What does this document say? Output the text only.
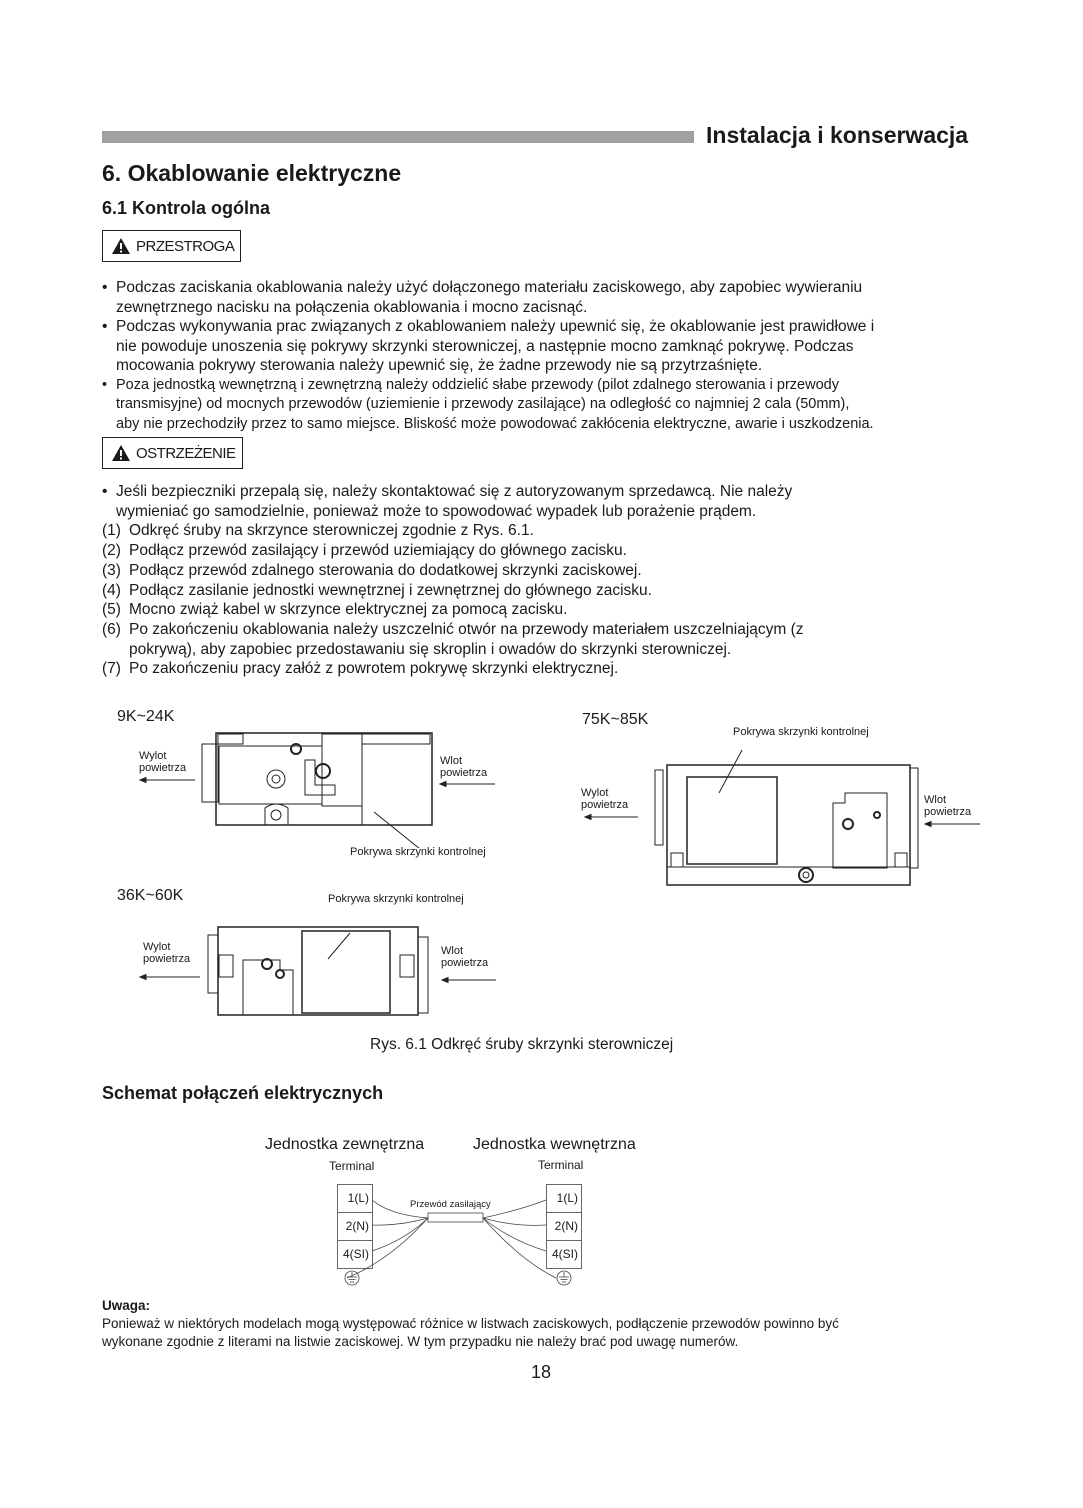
Instalacja i konserwacja
6. Okablowanie elektryczne
6.1 Kontrola ogólna
PRZESTROGA
• Podczas zaciskania okablowania należy użyć dołączonego materiału zaciskowego, aby zapobiec wywieraniu
zewnętrznego nacisku na połączenia okablowania i mocno zacisnąć.
• Podczas wykonywania prac związanych z okablowaniem należy upewnić się, że okablowanie jest prawidłowe i
nie powoduje unoszenia się pokrywy skrzynki sterowniczej, a następnie mocno zamknąć pokrywę. Podczas
mocowania pokrywy sterowania należy upewnić się, że żadne przewody nie są przytrzaśnięte.
• Poza jednostką wewnętrzną i zewnętrzną należy oddzielić słabe przewody (pilot zdalnego sterowania i przewody
transmisyjne) od mocnych przewodów (uziemienie i przewody zasilające) na odległość co najmniej 2 cala (50mm),
aby nie przechodziły przez to samo miejsce. Bliskość może powodować zakłócenia elektryczne, awarie i uszkodzenia.
OSTRZEŻENIE
• Jeśli bezpieczniki przepalą się, należy skontaktować się z autoryzowanym sprzedawcą. Nie należy
wymieniać go samodzielnie, ponieważ może to spowodować wypadek lub porażenie prądem.
(1) Odkręć śruby na skrzynce sterowniczej zgodnie z Rys. 6.1.
(2) Podłącz przewód zasilający i przewód uziemiający do głównego zacisku.
(3) Podłącz przewód zdalnego sterowania do dodatkowej skrzynki zaciskowej.
(4) Podłącz zasilanie jednostki wewnętrznej i zewnętrznej do głównego zacisku.
(5) Mocno zwiąż kabel w skrzynce elektrycznej za pomocą zacisku.
(6) Po zakończeniu okablowania należy uszczelnić otwór na przewody materiałem uszczelniającym (z
pokrywą), aby zapobiec przedostawaniu się skroplin i owadów do skrzynki sterowniczej.
(7) Po zakończeniu pracy załóż z powrotem pokrywę skrzynki elektrycznej.
9K~24K
Wylot
powietrza
Wlot
powietrza
Pokrywa skrzynki kontrolnej
75K~85K
Pokrywa skrzynki kontrolnej
Wylot
powietrza	Wlot
powietrza
36K~60K	Pokrywa skrzynki kontrolnej
Wylot
powietrza
Wlot
powietrza
Rys. 6.1 Odkręć śruby skrzynki sterowniczej
Schemat połączeń elektrycznych
Jednostka zewnętrzna	Jednostka wewnętrzna
Terminal	Terminal
1(L)
2(N)
4(SI)
1(L)
2(N)
4(SI)
Przewód zasilający
Uwaga:
Ponieważ w niektórych modelach mogą występować różnice w listwach zaciskowych, podłączenie przewodów powinno być
wykonane zgodnie z literami na listwie zaciskowej. W tym przypadku nie należy brać pod uwagę numerów.
18
